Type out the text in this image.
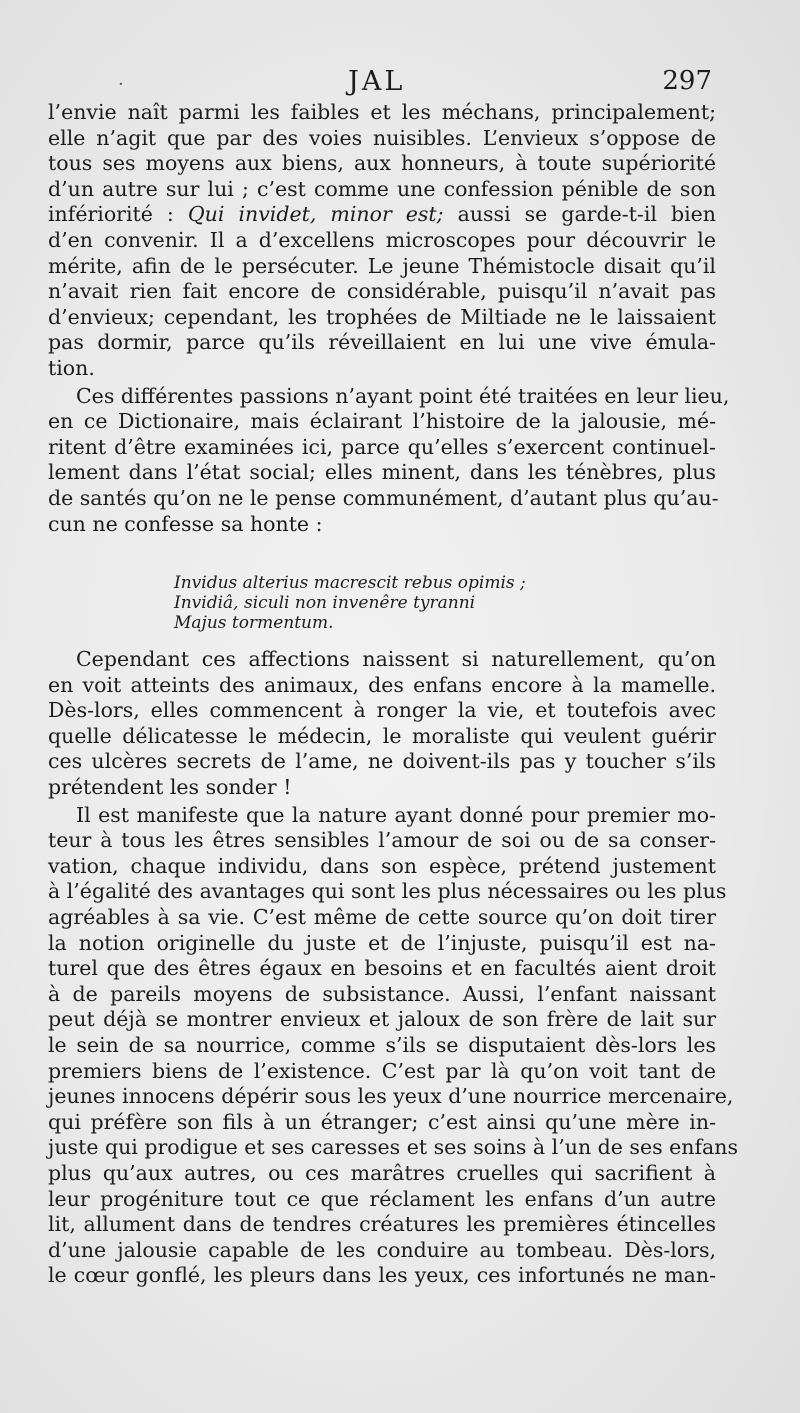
·	JAL	297
l’envie naît parmi les faibles et les méchans, principalement;
elle n’agit que par des voies nuisibles. L’envieux s’oppose de
tous ses moyens aux biens, aux honneurs, à toute supériorité
d’un autre sur lui ; c’est comme une confession pénible de son
infériorité : Qui invidet, minor est; aussi se garde-t-il bien
d’en convenir. Il a d’excellens microscopes pour découvrir le
mérite, afin de le persécuter. Le jeune Thémistocle disait qu’il
n’avait rien fait encore de considérable, puisqu’il n’avait pas
d’envieux; cependant, les trophées de Miltiade ne le laissaient
pas dormir, parce qu’ils réveillaient en lui une vive émula-
tion.
Ces différentes passions n’ayant point été traitées en leur lieu,
en ce Dictionaire, mais éclairant l’histoire de la jalousie, mé-
ritent d’être examinées ici, parce qu’elles s’exercent continuel-
lement dans l’état social; elles minent, dans les ténèbres, plus
de santés qu’on ne le pense communément, d’autant plus qu’au-
cun ne confesse sa honte :
Invidus alterius macrescit rebus opimis ;
Invidiâ, siculi non invenêre tyranni
Majus tormentum.
Cependant ces affections naissent si naturellement, qu’on
en voit atteints des animaux, des enfans encore à la mamelle.
Dès-lors, elles commencent à ronger la vie, et toutefois avec
quelle délicatesse le médecin, le moraliste qui veulent guérir
ces ulcères secrets de l’ame, ne doivent-ils pas y toucher s’ils
prétendent les sonder !
Il est manifeste que la nature ayant donné pour premier mo-
teur à tous les êtres sensibles l’amour de soi ou de sa conser-
vation, chaque individu, dans son espèce, prétend justement
à l’égalité des avantages qui sont les plus nécessaires ou les plus
agréables à sa vie. C’est même de cette source qu’on doit tirer
la notion originelle du juste et de l’injuste, puisqu’il est na-
turel que des êtres égaux en besoins et en facultés aient droit
à de pareils moyens de subsistance. Aussi, l’enfant naissant
peut déjà se montrer envieux et jaloux de son frère de lait sur
le sein de sa nourrice, comme s’ils se disputaient dès-lors les
premiers biens de l’existence. C’est par là qu’on voit tant de
jeunes innocens dépérir sous les yeux d’une nourrice mercenaire,
qui préfère son fils à un étranger; c’est ainsi qu’une mère in-
juste qui prodigue et ses caresses et ses soins à l’un de ses enfans
plus qu’aux autres, ou ces marâtres cruelles qui sacrifient à
leur progéniture tout ce que réclament les enfans d’un autre
lit, allument dans de tendres créatures les premières étincelles
d’une jalousie capable de les conduire au tombeau. Dès-lors,
le cœur gonflé, les pleurs dans les yeux, ces infortunés ne man-
